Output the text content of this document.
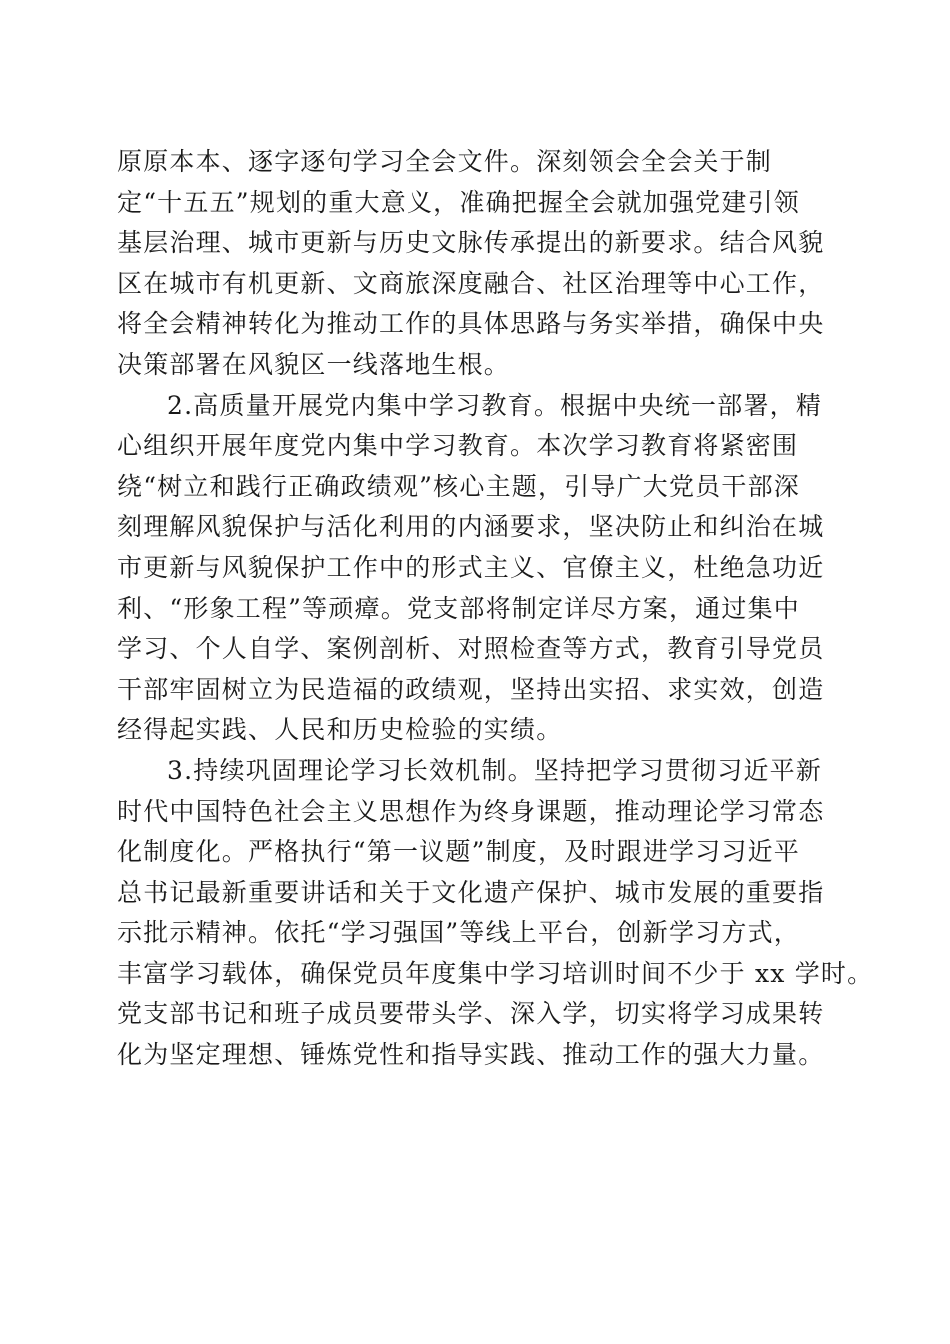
原原本本、逐字逐句学习全会文件。深刻领会全会关于制
定“十五五”规划的重大意义，准确把握全会就加强党建引领
基层治理、城市更新与历史文脉传承提出的新要求。结合风貌
区在城市有机更新、文商旅深度融合、社区治理等中心工作，
将全会精神转化为推动工作的具体思路与务实举措，确保中央
决策部署在风貌区一线落地生根。
2.高质量开展党内集中学习教育。根据中央统一部署，精
心组织开展年度党内集中学习教育。本次学习教育将紧密围
绕“树立和践行正确政绩观”核心主题，引导广大党员干部深
刻理解风貌保护与活化利用的内涵要求，坚决防止和纠治在城
市更新与风貌保护工作中的形式主义、官僚主义，杜绝急功近
利、“形象工程”等顽瘴。党支部将制定详尽方案，通过集中
学习、个人自学、案例剖析、对照检查等方式，教育引导党员
干部牢固树立为民造福的政绩观，坚持出实招、求实效，创造
经得起实践、人民和历史检验的实绩。
3.持续巩固理论学习长效机制。坚持把学习贯彻习近平新
时代中国特色社会主义思想作为终身课题，推动理论学习常态
化制度化。严格执行“第一议题”制度，及时跟进学习习近平
总书记最新重要讲话和关于文化遗产保护、城市发展的重要指
示批示精神。依托“学习强国”等线上平台，创新学习方式，
丰富学习载体，确保党员年度集中学习培训时间不少于 xx 学时。
党支部书记和班子成员要带头学、深入学，切实将学习成果转
化为坚定理想、锤炼党性和指导实践、推动工作的强大力量。
